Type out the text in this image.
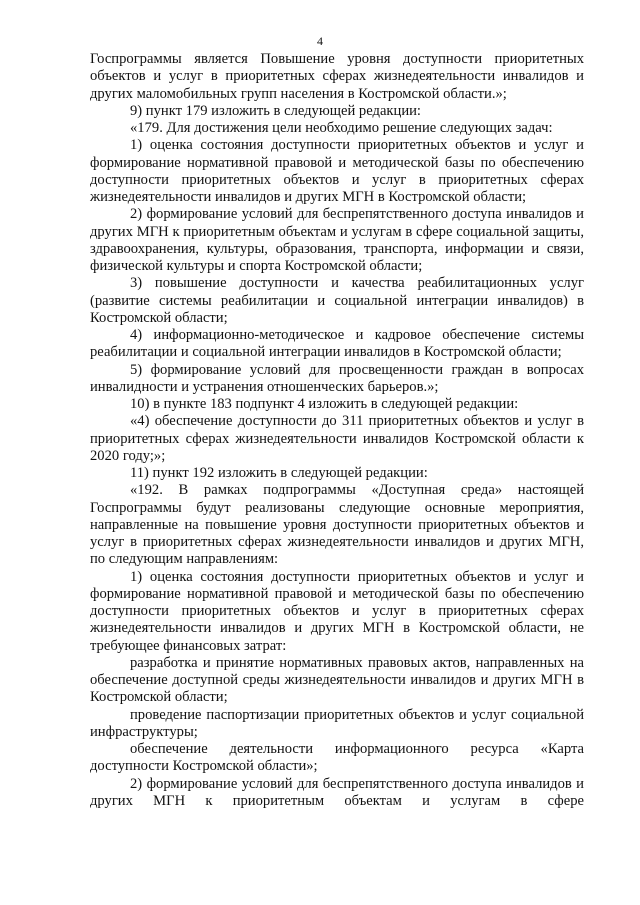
4

Госпрограммы является Повышение уровня доступности приоритетных объектов и услуг в приоритетных сферах жизнедеятельности инвалидов и других маломобильных групп населения в Костромской области.»;

9) пункт 179 изложить в следующей редакции:

«179. Для достижения цели необходимо решение следующих задач:

1) оценка состояния доступности приоритетных объектов и услуг и формирование нормативной правовой и методической базы по обеспечению доступности приоритетных объектов и услуг в приоритетных сферах жизнедеятельности инвалидов и других МГН в Костромской области;

2) формирование условий для беспрепятственного доступа инвалидов и других МГН к приоритетным объектам и услугам в сфере социальной защиты, здравоохранения, культуры, образования, транспорта, информации и связи, физической культуры и спорта Костромской области;

3) повышение доступности и качества реабилитационных услуг (развитие системы реабилитации и социальной интеграции инвалидов) в Костромской области;

4) информационно-методическое и кадровое обеспечение системы реабилитации и социальной интеграции инвалидов в Костромской области;

5) формирование условий для просвещенности граждан в вопросах инвалидности и устранения отношенческих барьеров.»;

10) в пункте 183 подпункт 4 изложить в следующей редакции:

«4) обеспечение доступности до 311 приоритетных объектов и услуг в приоритетных сферах жизнедеятельности инвалидов Костромской области к 2020 году;»;

11) пункт 192 изложить в следующей редакции:

«192. В рамках подпрограммы «Доступная среда» настоящей Госпрограммы будут реализованы следующие основные мероприятия, направленные на повышение уровня доступности приоритетных объектов и услуг в приоритетных сферах жизнедеятельности инвалидов и других МГН, по следующим направлениям:

1) оценка состояния доступности приоритетных объектов и услуг и формирование нормативной правовой и методической базы по обеспечению доступности приоритетных объектов и услуг в приоритетных сферах жизнедеятельности инвалидов и других МГН в Костромской области, не требующее финансовых затрат:

разработка и принятие нормативных правовых актов, направленных на обеспечение доступной среды жизнедеятельности инвалидов и других МГН в Костромской области;

проведение паспортизации приоритетных объектов и услуг социальной инфраструктуры;

обеспечение деятельности информационного ресурса «Карта доступности Костромской области»;

2) формирование условий для беспрепятственного доступа инвалидов и других МГН к приоритетным объектам и услугам в сфере
